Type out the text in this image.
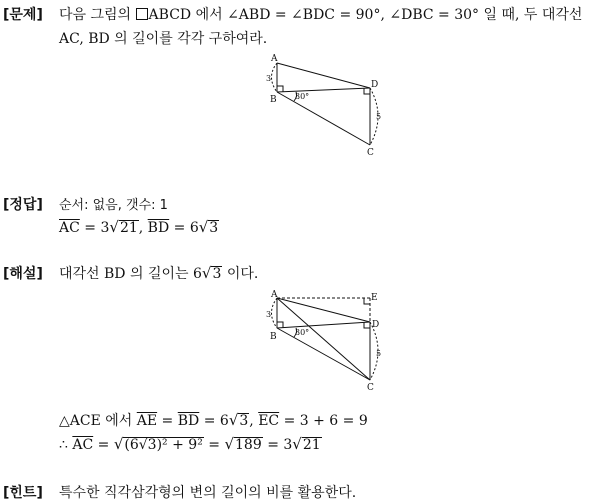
[문제] 다음 그림의 ABCD 에서 ∠ABD = ∠BDC = 90°, ∠DBC = 30° 일 때, 두 대각선
AC, BD 의 길이를 각각 구하여라.
A
B
C
D
3
5
30°
[정답] 순서: 없음, 갯수: 1
$\overline{AC} = 3√21$, $\overline{BD} = 6√3$
[해설] 대각선 BD 의 길이는 6√3 이다.
A
B
C
D
E
3
5
30°
△ACE 에서 $\overline{AE} = \overline{BD} = 6√3$, $\overline{EC} = 3 + 6 = 9$
∴ $\overline{AC} = √(6√3)^2 + 9^2 = √189 = 3√21$
[힌트] 특수한 직각삼각형의 변의 길이의 비를 활용한다.
